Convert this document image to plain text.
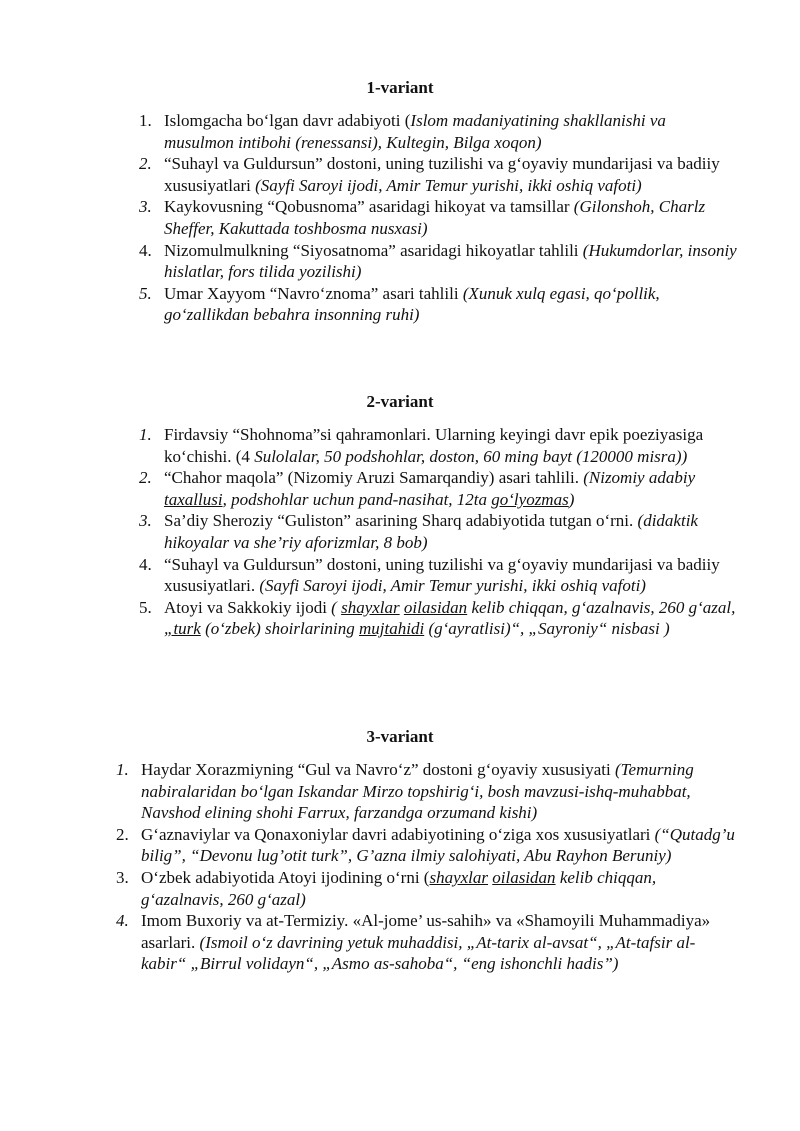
1-variant
1. Islomgacha bo‘lgan davr adabiyoti (Islom madaniyatining shakllanishi va musulmon intibohi (renessansi), Kultegin, Bilga xoqon)
2. “Suhayl va Guldursun” dostoni, uning tuzilishi va g‘oyaviy mundarijasi va badiiy xususiyatlari (Sayfi Saroyi ijodi, Amir Temur yurishi, ikki oshiq vafoti)
3. Kaykovusning “Qobusnoma” asaridagi hikoyat va tamsillar (Gilonshoh, Charlz Sheffer, Kakuttada toshbosma nusxasi)
4. Nizomulmulkning “Siyosatnoma” asaridagi hikoyatlar tahlili (Hukumdorlar, insoniy hislatlar, fors tilida yozilishi)
5. Umar Xayyom “Navro‘znoma” asari tahlili (Xunuk xulq egasi, qo‘pollik, go‘zallikdan bebahra insonning ruhi)
2-variant
1. Firdavsiy “Shohnoma”si qahramonlari. Ularning keyingi davr epik poeziyasiga ko‘chishi. (4 Sulolalar, 50 podshohlar, doston, 60 ming bayt (120000 misra))
2. “Chahor maqola” (Nizomiy Aruzi Samarqandiy) asari tahlili. (Nizomiy adabiy taxallusi, podshohlar uchun pand-nasihat, 12ta go‘lyozmas)
3. Sa’diy Sheroziy “Guliston” asarining Sharq adabiyotida tutgan o‘rni. (didaktik hikoyalar va she’riy aforizmlar, 8 bob)
4. “Suhayl va Guldursun” dostoni, uning tuzilishi va g‘oyaviy mundarijasi va badiiy xususiyatlari. (Sayfi Saroyi ijodi, Amir Temur yurishi, ikki oshiq vafoti)
5. Atoyi va Sakkokiy ijodi ( shayxlar oilasidan kelib chiqqan, g‘azalnavis, 260 g‘azal, „turk (o‘zbek) shoirlarining mujtahidi (g‘ayratlisi)“, „Sayroniy“ nisbasi )
3-variant
1. Haydar Xorazmiyning “Gul va Navro‘z” dostoni g‘oyaviy xususiyati (Temurning nabiralaridan bo‘lgan Iskandar Mirzo topshirig‘i, bosh mavzusi-ishq-muhabbat, Navshod elining shohi Farrux, farzandga orzumand kishi)
2. G‘aznaviylar va Qonaxoniylar davri adabiyotining o‘ziga xos xususiyatlari (“Qutadg’u bilig”, “Devonu lug’otit turk”, G’azna ilmiy salohiyati, Abu Rayhon Beruniy)
3. O‘zbek adabiyotida Atoyi ijodining o‘rni (shayxlar oilasidan kelib chiqqan, g‘azalnavis, 260 g‘azal)
4. Imom Buxoriy va at-Termiziy. «Al-jome’ us-sahih» va «Shamoyili Muhammadiya» asarlari. (Ismoil o‘z davrining yetuk muhaddisi, „At-tarix al-avsat“, „At-tafsir al-kabir“ „Birrul volidayn“, „Asmo as-sahoba“, “eng ishonchli hadis”)
